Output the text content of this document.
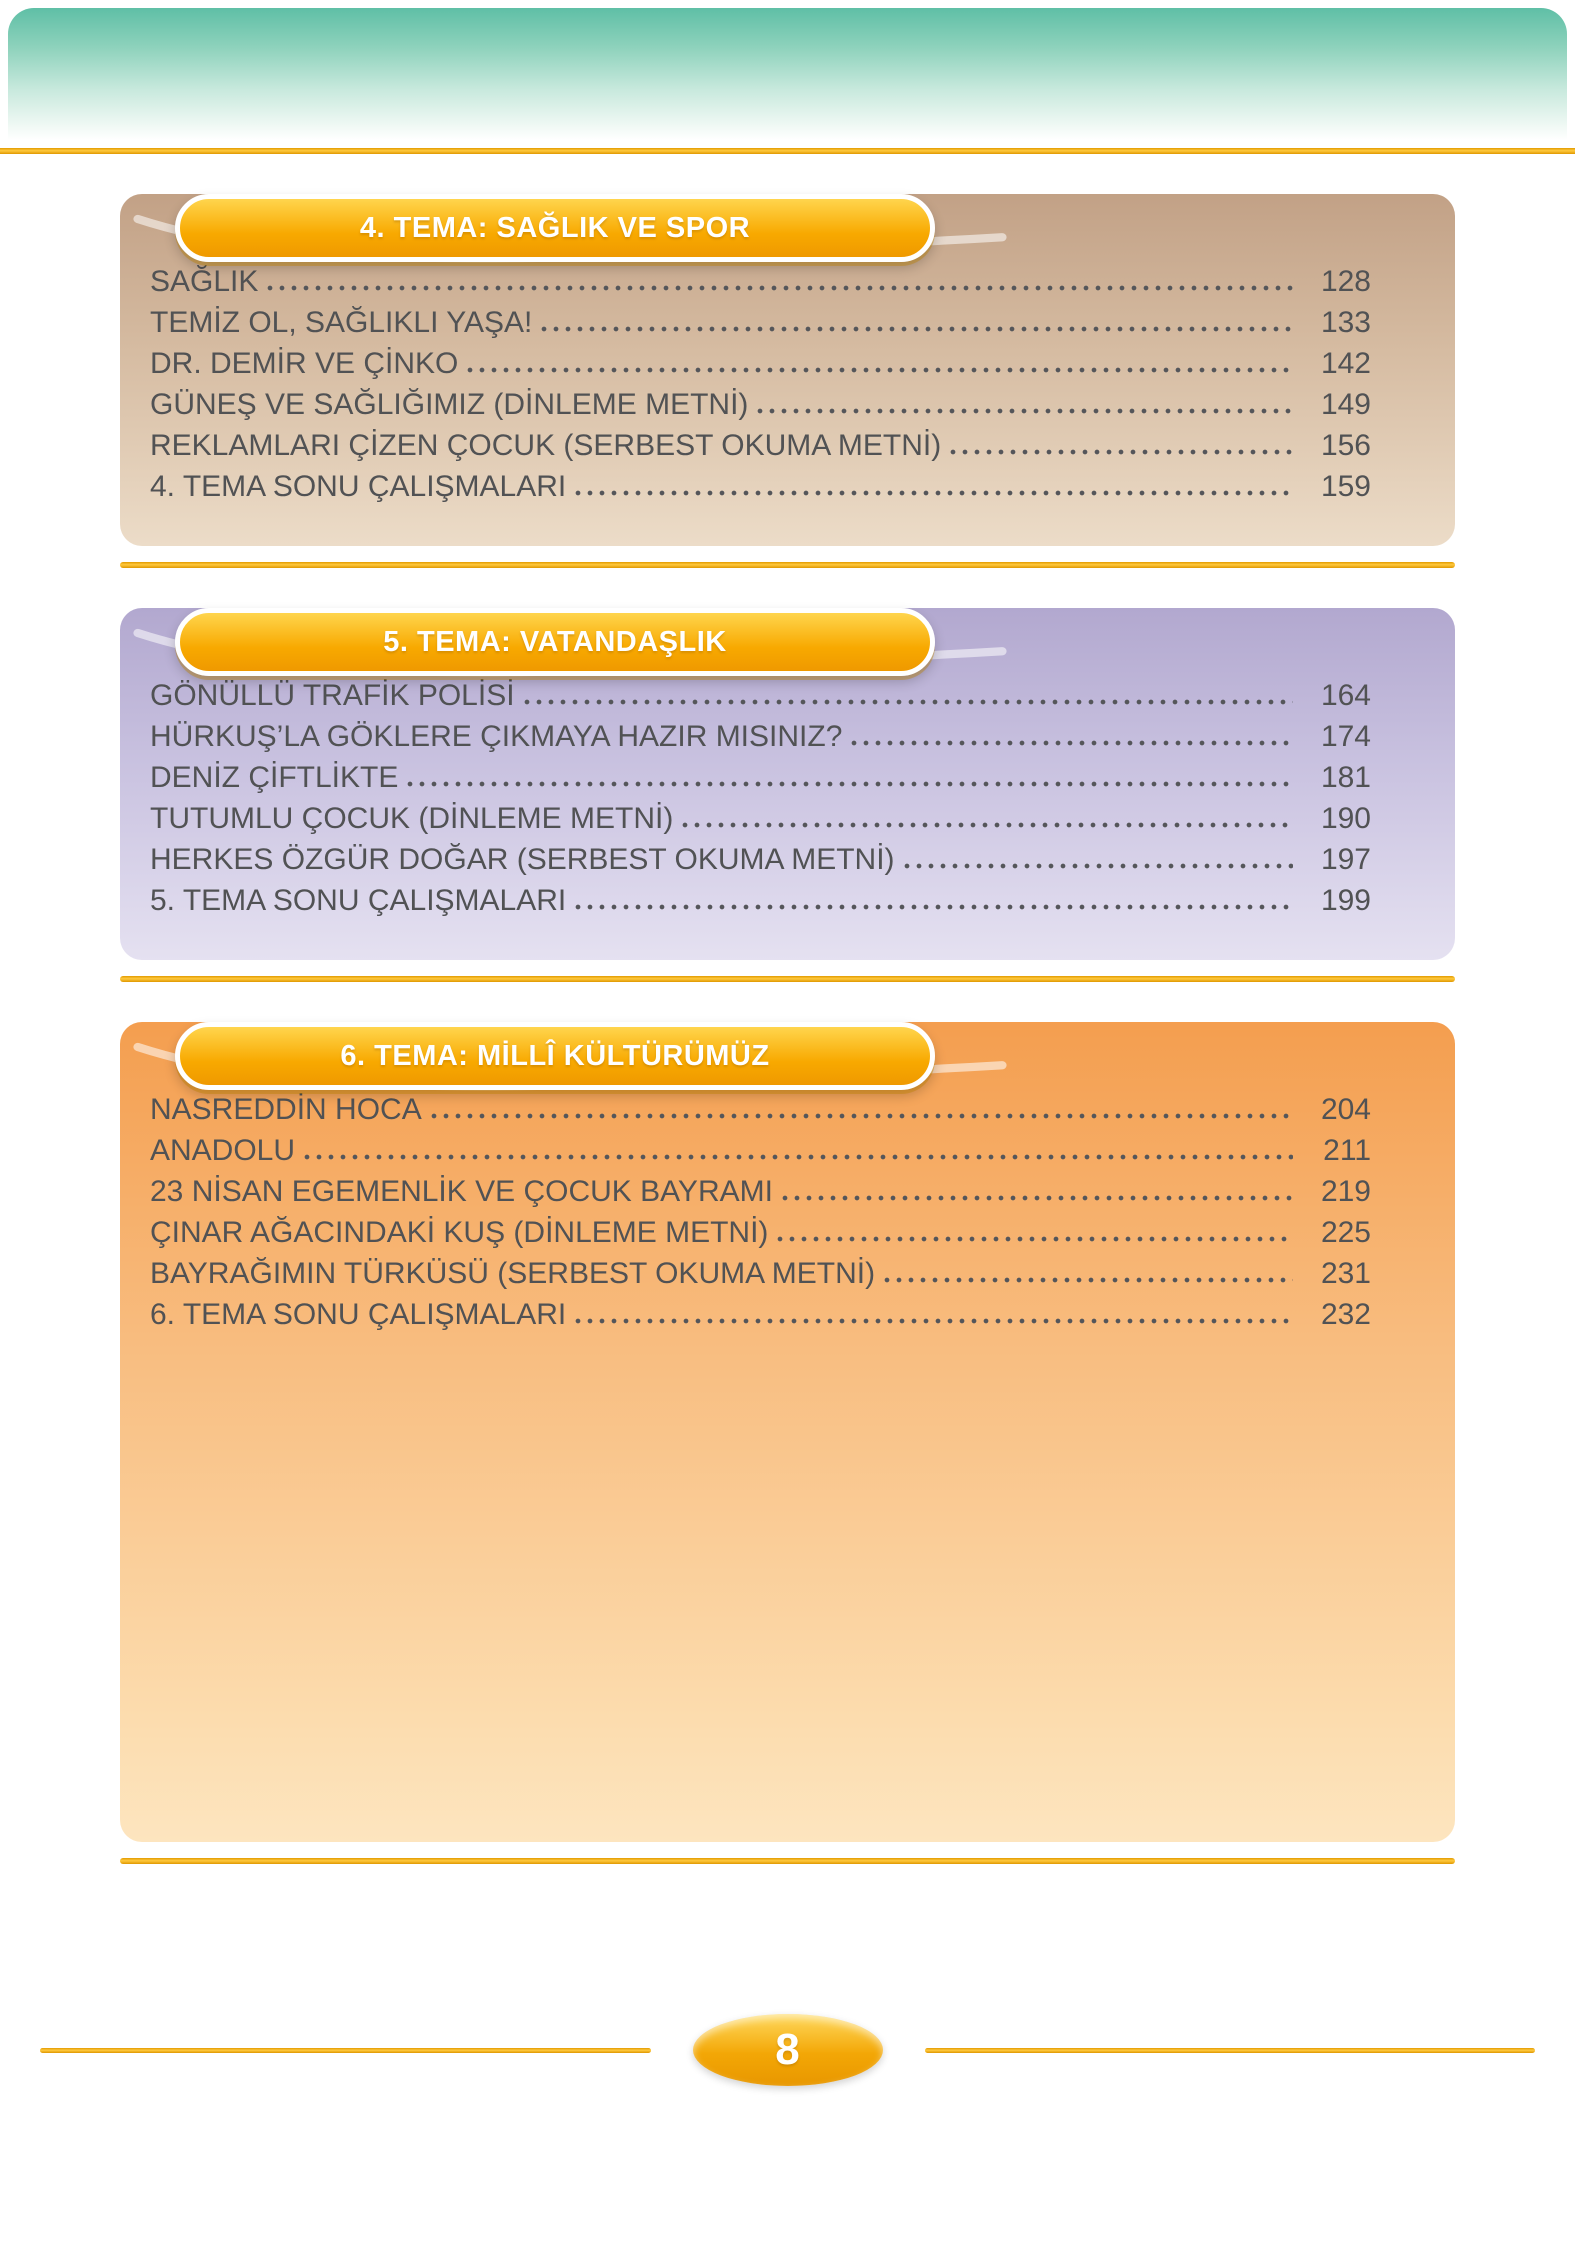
4. TEMA: SAĞLIK VE SPOR
SAĞLIK	128
TEMİZ OL, SAĞLIKLI YAŞA!	133
DR. DEMİR VE ÇİNKO	142
GÜNEŞ VE SAĞLIĞIMIZ (DİNLEME METNİ)	149
REKLAMLARI ÇİZEN ÇOCUK (SERBEST OKUMA METNİ)	156
4. TEMA SONU ÇALIŞMALARI	159
5. TEMA: VATANDAŞLIK
GÖNÜLLÜ TRAFİK POLİSİ	164
HÜRKUŞ’LA GÖKLERE ÇIKMAYA HAZIR MISINIZ?	174
DENİZ ÇİFTLİKTE	181
TUTUMLU ÇOCUK (DİNLEME METNİ)	190
HERKES ÖZGÜR DOĞAR (SERBEST OKUMA METNİ)	197
5. TEMA SONU ÇALIŞMALARI	199
6. TEMA: MİLLÎ KÜLTÜRÜMÜZ
NASREDDİN HOCA	204
ANADOLU	211
23 NİSAN EGEMENLİK VE ÇOCUK BAYRAMI	219
ÇINAR AĞACINDAKİ KUŞ (DİNLEME METNİ)	225
BAYRAĞIMIN TÜRKÜSÜ (SERBEST OKUMA METNİ)	231
6. TEMA SONU ÇALIŞMALARI	232
8
